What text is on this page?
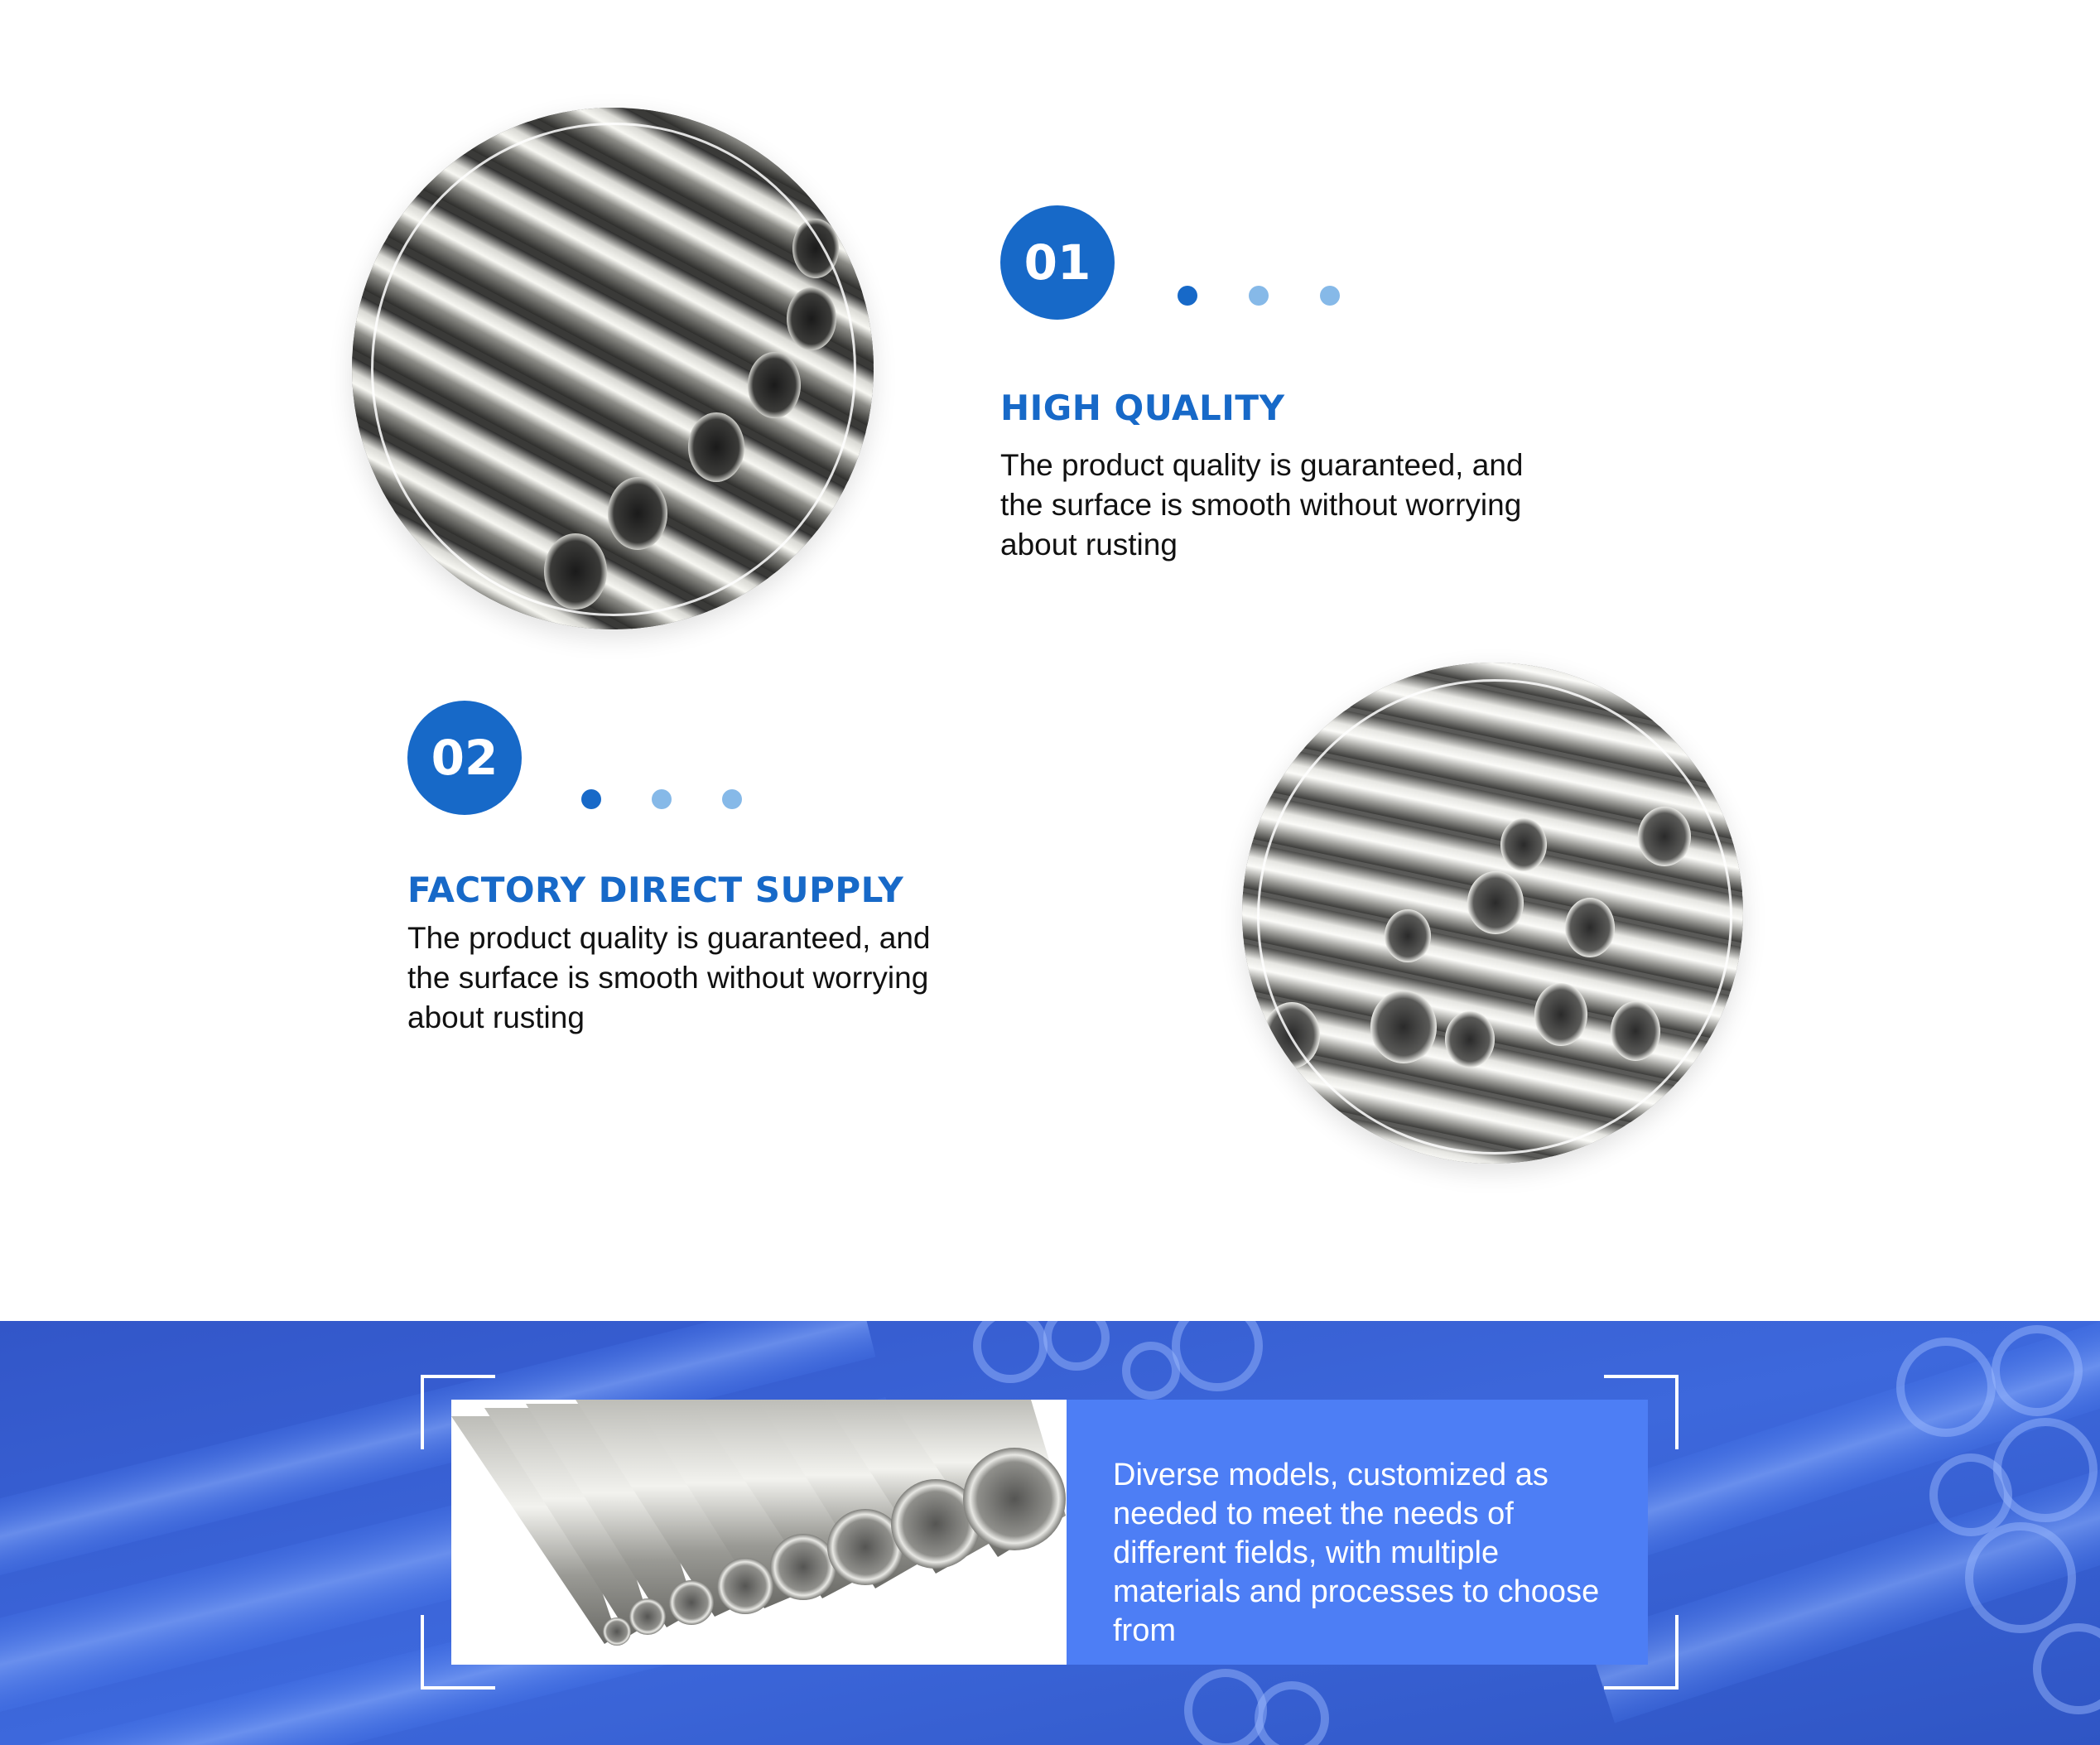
01
HIGH QUALITY
The product quality is guaranteed, and the surface is smooth without worrying about rusting
02
FACTORY DIRECT SUPPLY
The product quality is guaranteed, and the surface is smooth without worrying about rusting
Diverse models, customized as needed to meet the needs of different fields, with multiple materials and processes to choose from
